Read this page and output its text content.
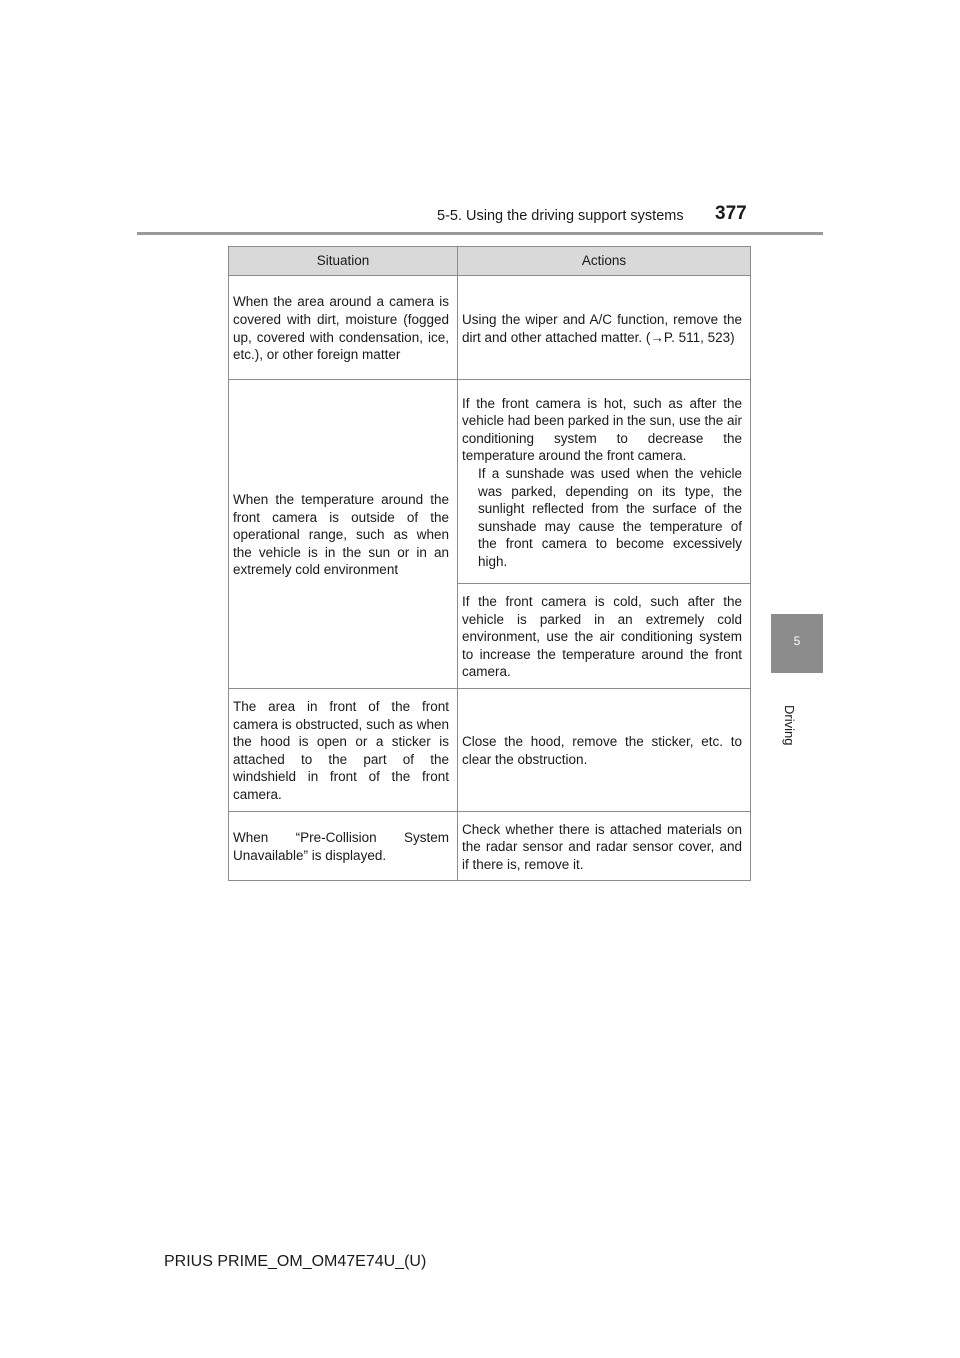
5-5. Using the driving support systems 377
5
Driving
Situation	Actions
When the area around a camera is covered with dirt, moisture (fogged up, covered with condensation, ice, etc.), or other foreign matter	Using the wiper and A/C function, remove the dirt and other attached matter. (→P. 511, 523)
When the temperature around the front camera is outside of the operational range, such as when the vehicle is in the sun or in an extremely cold environment	If the front camera is hot, such as after the vehicle had been parked in the sun, use the air conditioning system to decrease the temperature around the front camera.
If a sunshade was used when the vehicle was parked, depending on its type, the sunlight reflected from the surface of the sunshade may cause the temperature of the front camera to become excessively high.

	If the front camera is cold, such after the vehicle is parked in an extremely cold environment, use the air conditioning system to increase the temperature around the front camera.
The area in front of the front camera is obstructed, such as when the hood is open or a sticker is attached to the part of the windshield in front of the front camera.	Close the hood, remove the sticker, etc. to clear the obstruction.
When “Pre-Collision System Unavailable” is displayed.	Check whether there is attached materials on the radar sensor and radar sensor cover, and if there is, remove it.
PRIUS PRIME_OM_OM47E74U_(U)
